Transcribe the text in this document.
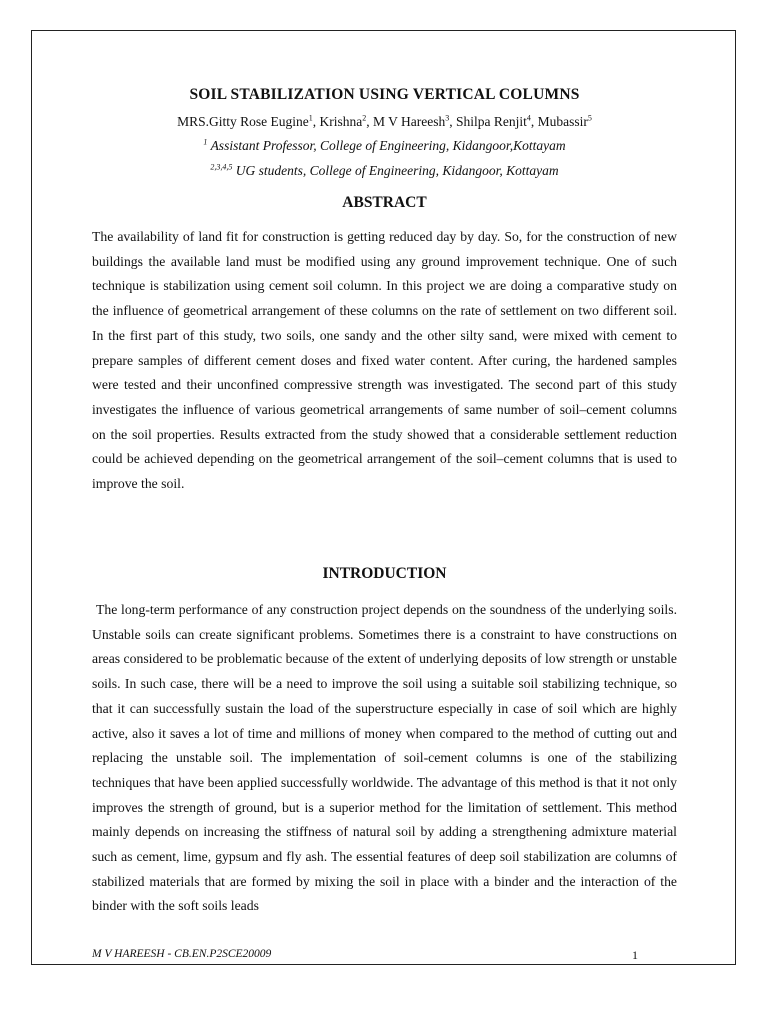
SOIL STABILIZATION USING VERTICAL COLUMNS
MRS.Gitty Rose Eugine$^1$, Krishna$^2$, M V Hareesh$^3$, Shilpa Renjit$^4$, Mubassir$^5$
$^1$ Assistant Professor, College of Engineering, Kidangoor,Kottayam
$^{2,3,4,5}$ UG students, College of Engineering, Kidangoor, Kottayam
ABSTRACT

The availability of land fit for construction is getting reduced day by day. So, for the construction of new buildings the available land must be modified using any ground improvement technique. One of such technique is stabilization using cement soil column. In this project we are doing a comparative study on the influence of geometrical arrangement of these columns on the rate of settlement on two different soil. In the first part of this study, two soils, one sandy and the other silty sand, were mixed with cement to prepare samples of different cement doses and fixed water content. After curing, the hardened samples were tested and their unconfined compressive strength was investigated. The second part of this study investigates the influence of various geometrical arrangements of same number of soil–cement columns on the soil properties. Results extracted from the study showed that a considerable settlement reduction could be achieved depending on the geometrical arrangement of the soil–cement columns that is used to improve the soil.

INTRODUCTION

The long-term performance of any construction project depends on the soundness of the underlying soils. Unstable soils can create significant problems. Sometimes there is a constraint to have constructions on areas considered to be problematic because of the extent of underlying deposits of low strength or unstable soils. In such case, there will be a need to improve the soil using a suitable soil stabilizing technique, so that it can successfully sustain the load of the superstructure especially in case of soil which are highly active, also it saves a lot of time and millions of money when compared to the method of cutting out and replacing the unstable soil. The implementation of soil-cement columns is one of the stabilizing techniques that have been applied successfully worldwide. The advantage of this method is that it not only improves the strength of ground, but is a superior method for the limitation of settlement. This method mainly depends on increasing the stiffness of natural soil by adding a strengthening admixture material such as cement, lime, gypsum and fly ash. The essential features of deep soil stabilization are columns of stabilized materials that are formed by mixing the soil in place with a binder and the interaction of the binder with the soft soils leads

M V HAREESH - CB.EN.P2SCE20009	1
